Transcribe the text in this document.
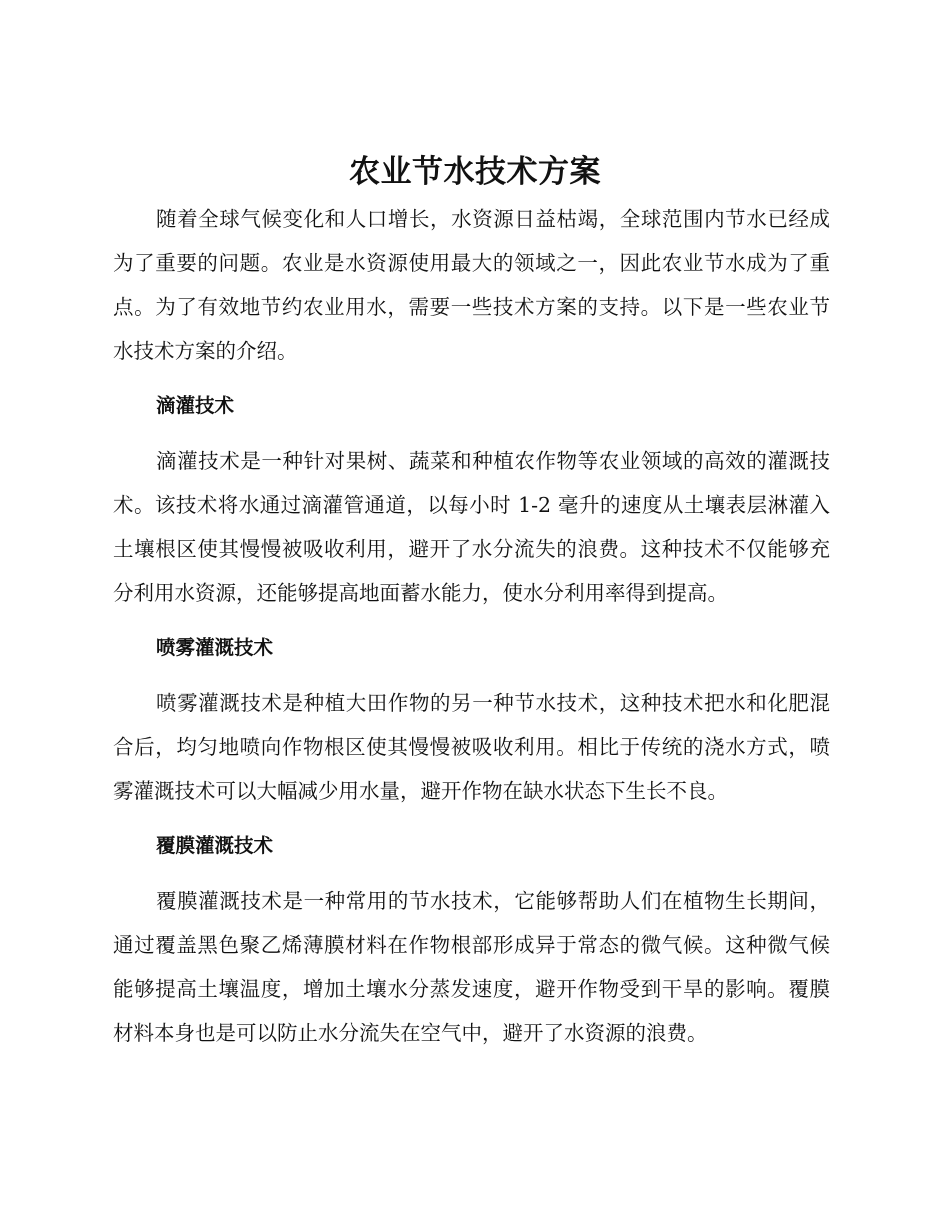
农业节水技术方案

随着全球气候变化和人口增长，水资源日益枯竭，全球范围内节水已经成为了重要的问题。农业是水资源使用最大的领域之一，因此农业节水成为了重点。为了有效地节约农业用水，需要一些技术方案的支持。以下是一些农业节水技术方案的介绍。

滴灌技术

滴灌技术是一种针对果树、蔬菜和种植农作物等农业领域的高效的灌溉技术。该技术将水通过滴灌管通道，以每小时 1-2 毫升的速度从土壤表层淋灌入土壤根区使其慢慢被吸收利用，避开了水分流失的浪费。这种技术不仅能够充分利用水资源，还能够提高地面蓄水能力，使水分利用率得到提高。

喷雾灌溉技术

喷雾灌溉技术是种植大田作物的另一种节水技术，这种技术把水和化肥混合后，均匀地喷向作物根区使其慢慢被吸收利用。相比于传统的浇水方式，喷雾灌溉技术可以大幅减少用水量，避开作物在缺水状态下生长不良。

覆膜灌溉技术

覆膜灌溉技术是一种常用的节水技术，它能够帮助人们在植物生长期间，通过覆盖黑色聚乙烯薄膜材料在作物根部形成异于常态的微气候。这种微气候能够提高土壤温度，增加土壤水分蒸发速度，避开作物受到干旱的影响。覆膜材料本身也是可以防止水分流失在空气中，避开了水资源的浪费。
